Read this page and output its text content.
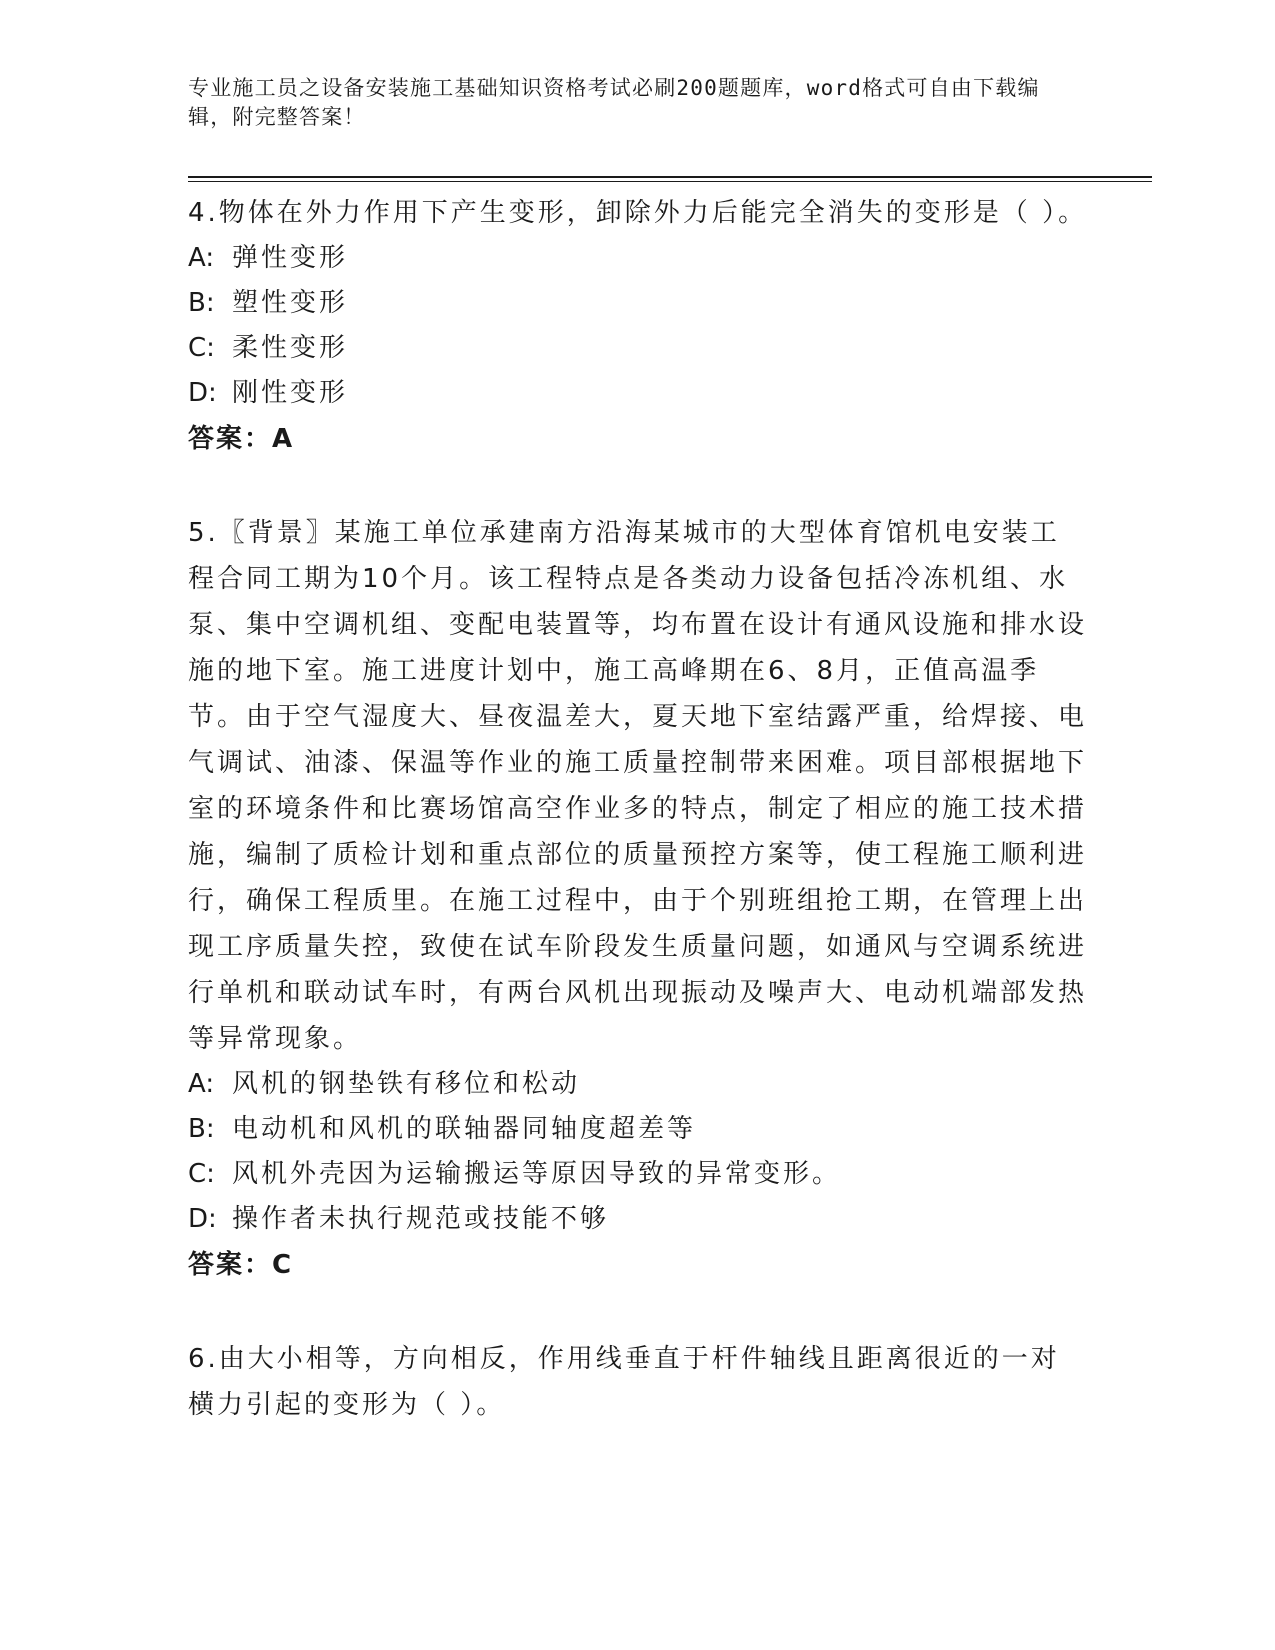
专业施工员之设备安装施工基础知识资格考试必刷200题题库，word格式可自由下载编辑，附完整答案！

4.物体在外力作用下产生变形，卸除外力后能完全消失的变形是（ ）。

A: 弹性变形

B: 塑性变形

C: 柔性变形

D: 刚性变形

答案：A

5.〖背景〗某施工单位承建南方沿海某城市的大型体育馆机电安装工程合同工期为10个月。该工程特点是各类动力设备包括冷冻机组、水泵、集中空调机组、变配电装置等，均布置在设计有通风设施和排水设施的地下室。施工进度计划中，施工高峰期在6、8月，正值高温季节。由于空气湿度大、昼夜温差大，夏天地下室结露严重，给焊接、电气调试、油漆、保温等作业的施工质量控制带来困难。项目部根据地下室的环境条件和比赛场馆高空作业多的特点，制定了相应的施工技术措施，编制了质检计划和重点部位的质量预控方案等，使工程施工顺利进行，确保工程质里。在施工过程中，由于个别班组抢工期，在管理上出现工序质量失控，致使在试车阶段发生质量问题，如通风与空调系统进行单机和联动试车时，有两台风机出现振动及噪声大、电动机端部发热等异常现象。

A: 风机的钢垫铁有移位和松动

B: 电动机和风机的联轴器同轴度超差等

C: 风机外壳因为运输搬运等原因导致的异常变形。

D: 操作者未执行规范或技能不够

答案：C

6.由大小相等，方向相反，作用线垂直于杆件轴线且距离很近的一对横力引起的变形为（ ）。
